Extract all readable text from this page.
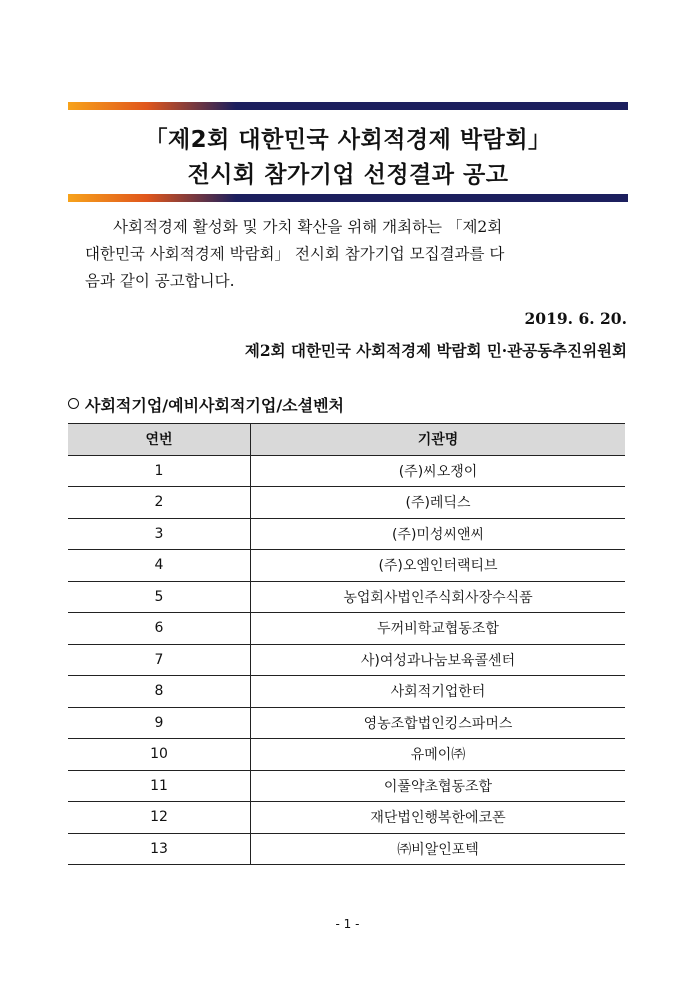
「제2회 대한민국 사회적경제 박람회」
전시회 참가기업 선정결과 공고
사회적경제 활성화 및 가치 확산을 위해 개최하는 「제2회
대한민국 사회적경제 박람회」 전시회 참가기업 모집결과를 다
음과 같이 공고합니다.
2019. 6. 20.
제2회 대한민국 사회적경제 박람회 민·관공동추진위원회
사회적기업/예비사회적기업/소셜벤처
연번	기관명
1	(주)씨오쟁이
2	(주)레딕스
3	(주)미성씨앤씨
4	(주)오엠인터랙티브
5	농업회사법인주식회사장수식품
6	두꺼비학교협동조합
7	사)여성과나눔보육콜센터
8	사회적기업한터
9	영농조합법인킹스파머스
10	유메이㈜
11	이풀약초협동조합
12	재단법인행복한에코폰
13	㈜비알인포텍
- 1 -
